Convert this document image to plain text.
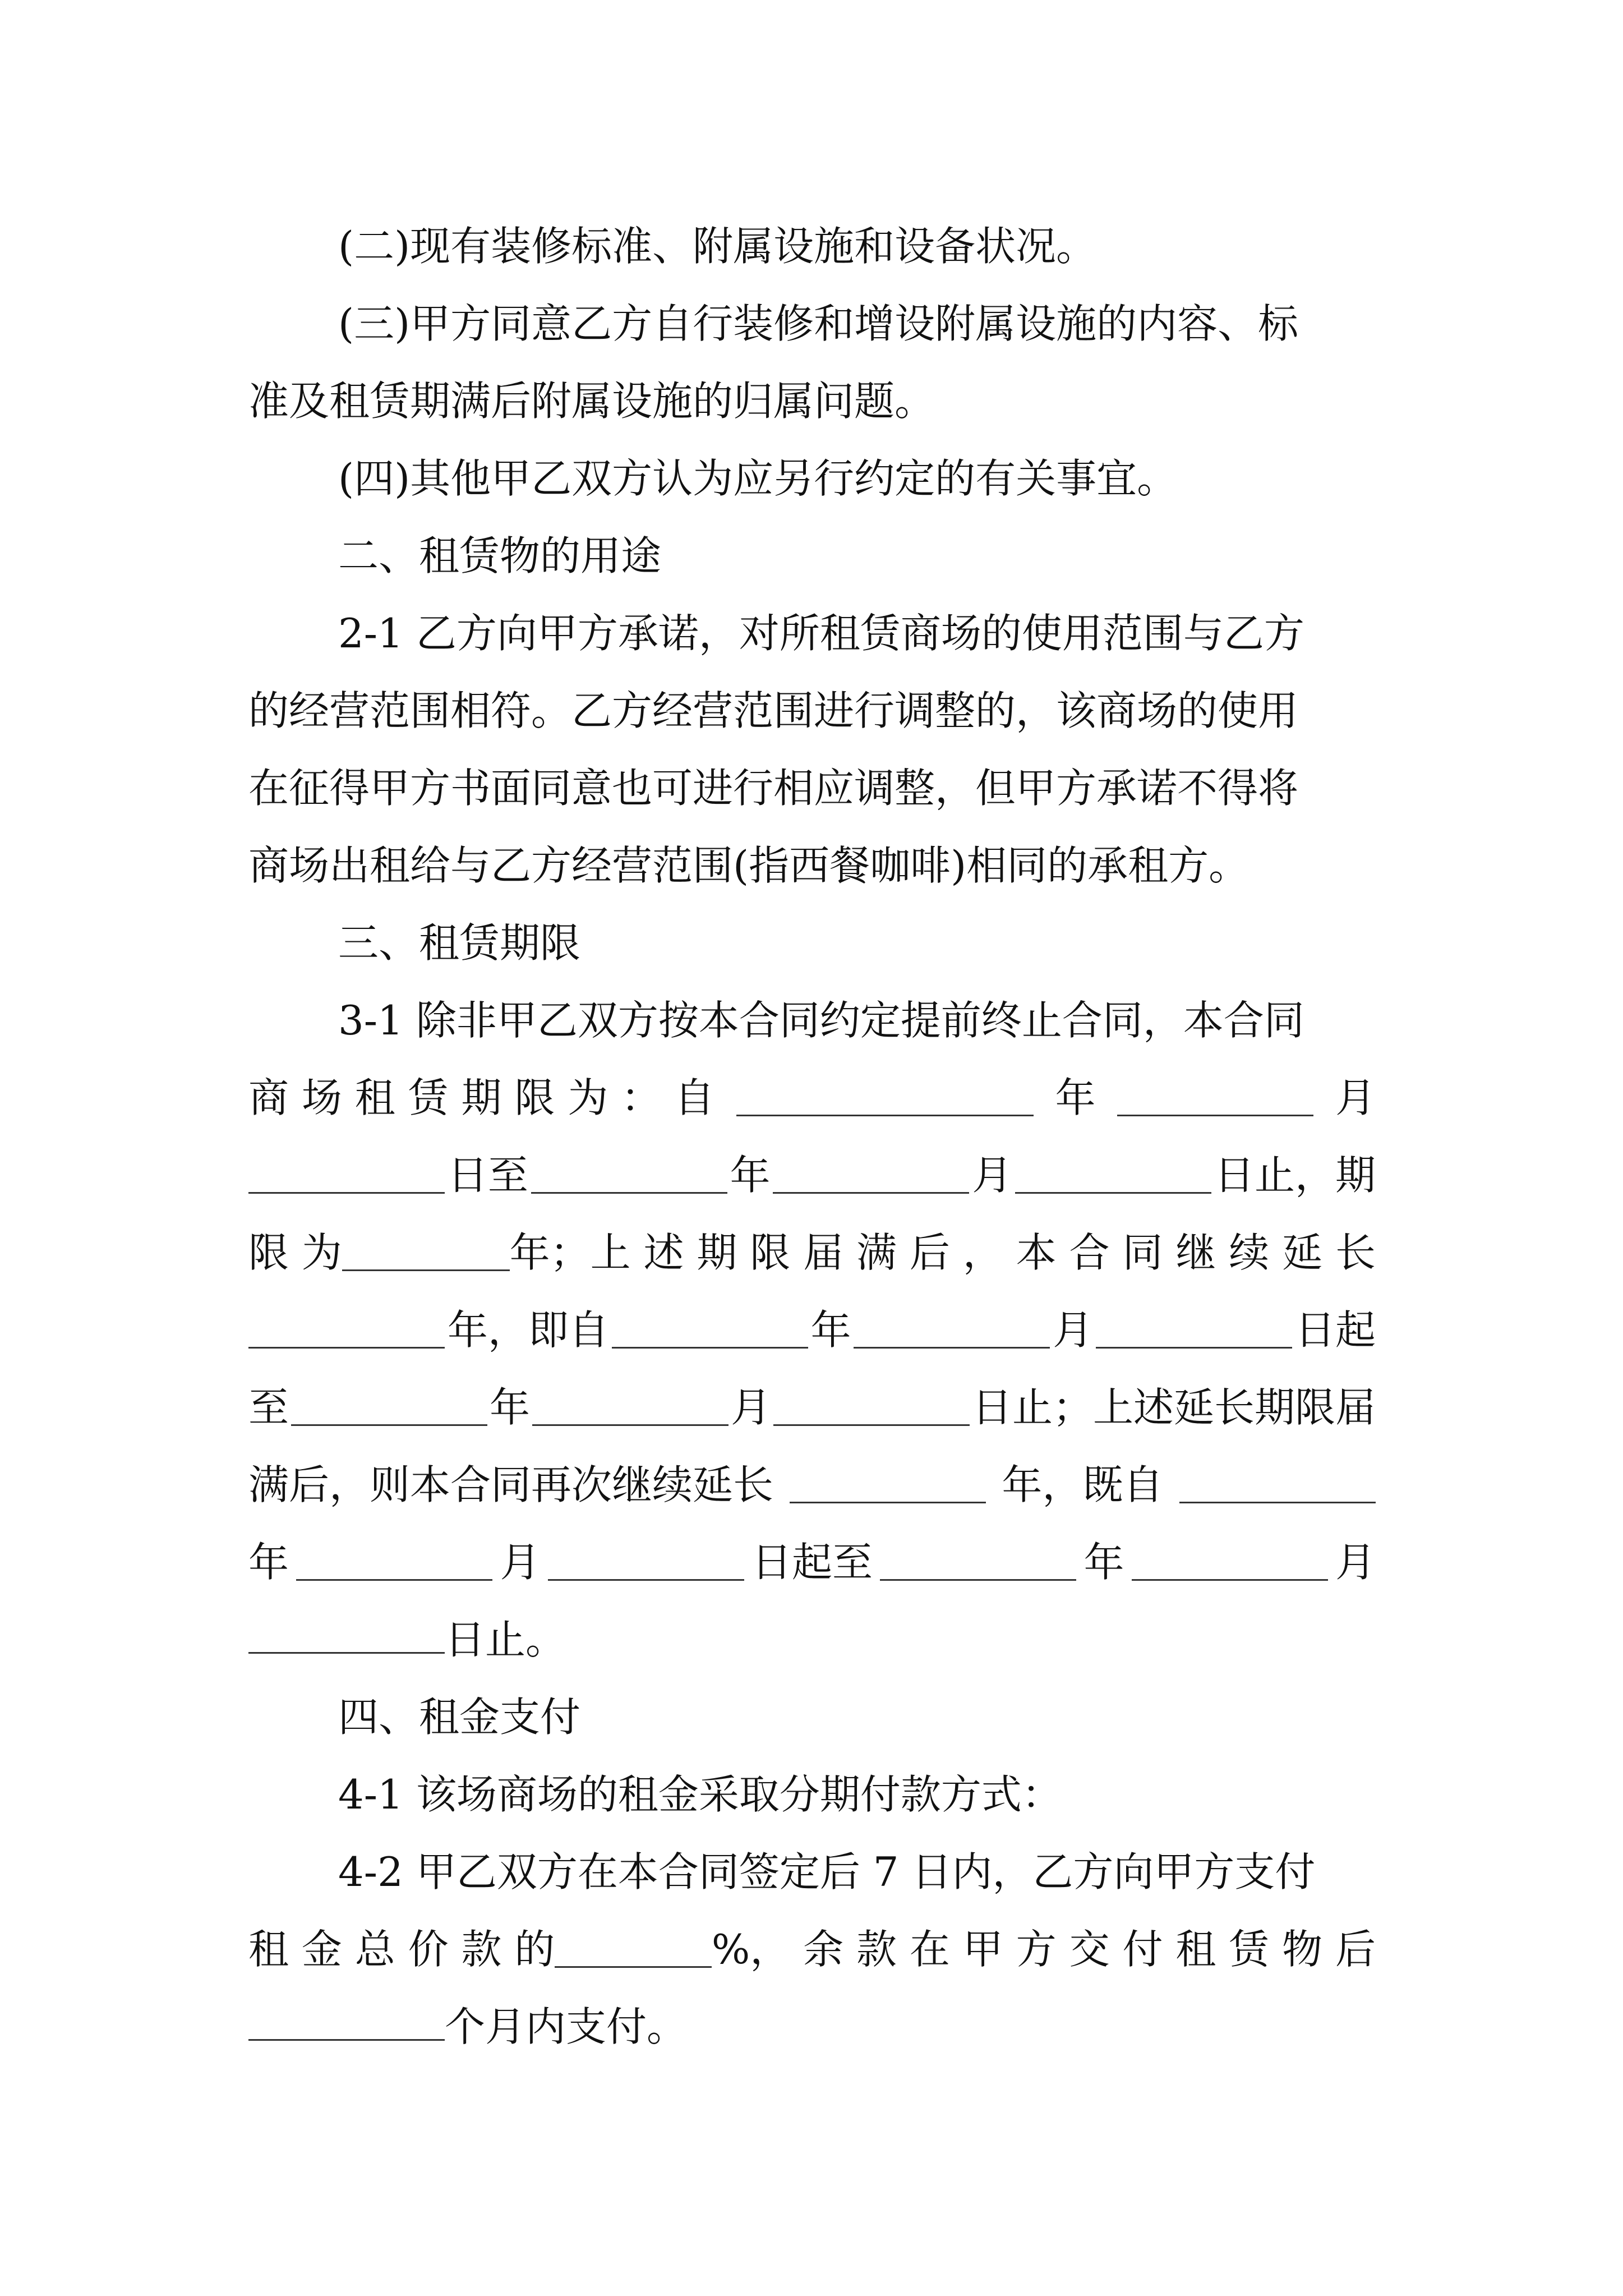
(二)现有装修标准、附属设施和设备状况。
(三)甲方同意乙方自行装修和增设附属设施的内容、标
准及租赁期满后附属设施的归属问题。
(四)其他甲乙双方认为应另行约定的有关事宜。
二、租赁物的用途
2-1 乙方向甲方承诺，对所租赁商场的使用范围与乙方
的经营范围相符。乙方经营范围进行调整的，该商场的使用
在征得甲方书面同意也可进行相应调整，但甲方承诺不得将
商场出租给与乙方经营范围(指西餐咖啡)相同的承租方。
三、租赁期限
3-1 除非甲乙双方按本合同约定提前终止合同，本合同
商 场 租 赁 期 限 为 ： 自	年	月
日至	年	月	日止，期
限 为	年；上 述 期 限 届 满 后 ， 本 合 同 继 续 延 长
年，即自	年	月	日起
至	年	月	日止；上述延长期限届
满后，则本合同再次继续延长	年，既自
年	月	日起至	年	月
日止。
四、租金支付
4-1 该场商场的租金采取分期付款方式：
4-2 甲乙双方在本合同签定后 7 日内，乙方向甲方支付
租 金 总 价 款 的	%， 余 款 在 甲 方 交 付 租 赁 物 后
个月内支付。
